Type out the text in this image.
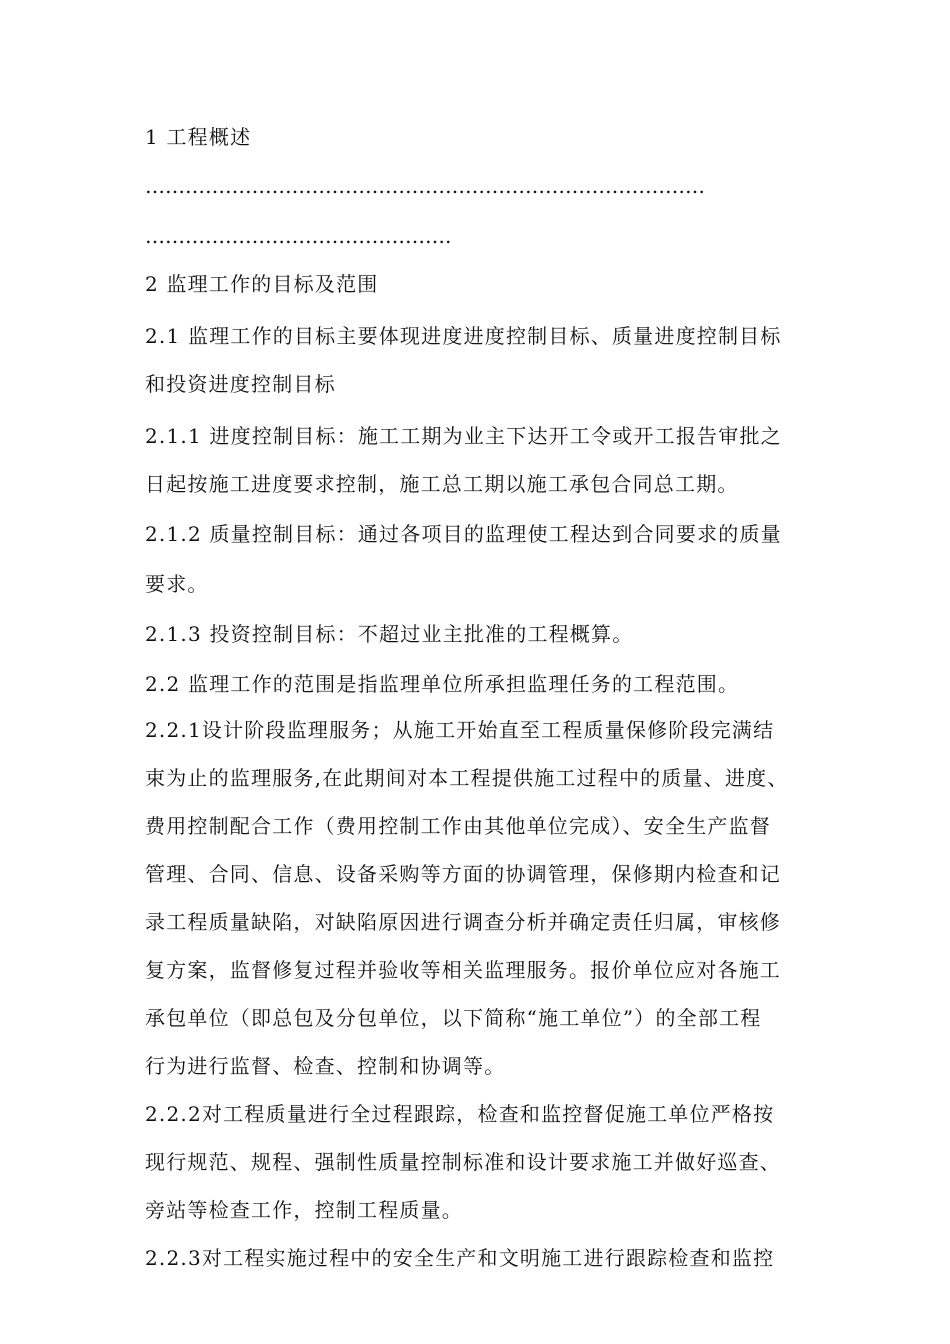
1 工程概述
…………………………………………………………………………
……………………………………….
2 监理工作的目标及范围
2.1 监理工作的目标主要体现进度进度控制目标、质量进度控制目标
和投资进度控制目标
2.1.1 进度控制目标：施工工期为业主下达开工令或开工报告审批之
日起按施工进度要求控制，施工总工期以施工承包合同总工期。
2.1.2 质量控制目标：通过各项目的监理使工程达到合同要求的质量
要求。
2.1.3 投资控制目标：不超过业主批准的工程概算。
2.2 监理工作的范围是指监理单位所承担监理任务的工程范围。
2.2.1设计阶段监理服务；从施工开始直至工程质量保修阶段完满结
束为止的监理服务,在此期间对本工程提供施工过程中的质量、进度、
费用控制配合工作（费用控制工作由其他单位完成）、安全生产监督
管理、合同、信息、设备采购等方面的协调管理，保修期内检查和记
录工程质量缺陷，对缺陷原因进行调查分析并确定责任归属，审核修
复方案，监督修复过程并验收等相关监理服务。报价单位应对各施工
承包单位（即总包及分包单位，以下简称“施工单位”）的全部工程
行为进行监督、检查、控制和协调等。
2.2.2对工程质量进行全过程跟踪，检查和监控督促施工单位严格按
现行规范、规程、强制性质量控制标准和设计要求施工并做好巡查、
旁站等检查工作，控制工程质量。
2.2.3对工程实施过程中的安全生产和文明施工进行跟踪检查和监控
